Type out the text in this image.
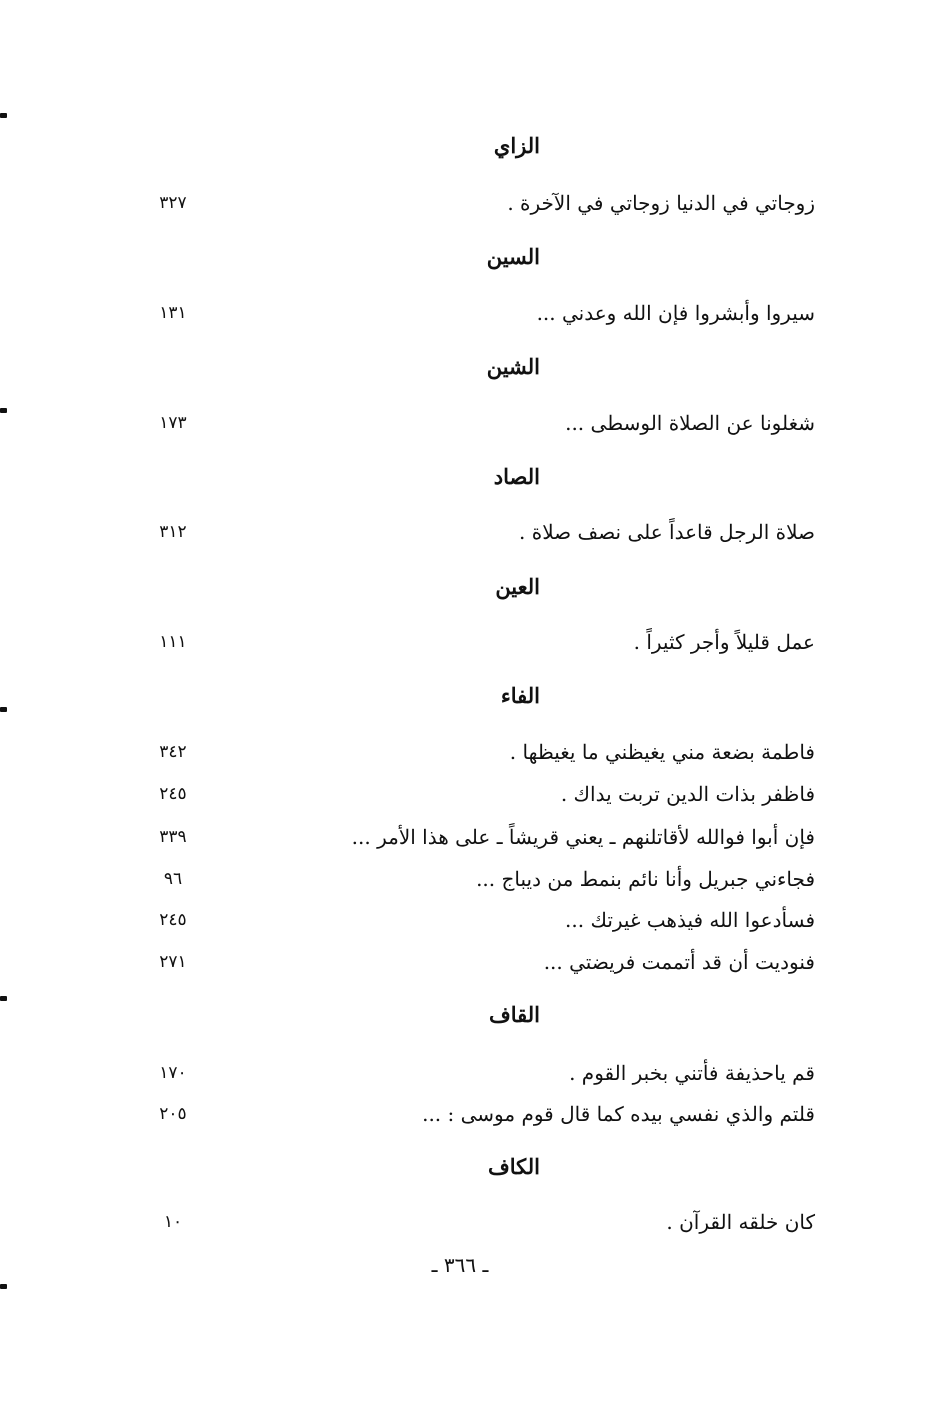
الزاي
زوجاتي في الدنيا زوجاتي في الآخرة .
٣٢٧
السين
سيروا وأبشروا فإن الله وعدني ...
١٣١
الشين
شغلونا عن الصلاة الوسطى ...
١٧٣
الصاد
صلاة الرجل قاعداً على نصف صلاة .
٣١٢
العين
عمل قليلاً وأجر كثيراً .
١١١
الفاء
فاطمة بضعة مني يغيظني ما يغيظها .
٣٤٢
فاظفر بذات الدين تربت يداك .
٢٤٥
فإن أبوا فوالله لأقاتلنهم ـ يعني قريشاً ـ على هذا الأمر ...
٣٣٩
فجاءني جبريل وأنا نائم بنمط من ديباج ...
٩٦
فسأدعوا الله فيذهب غيرتك ...
٢٤٥
فنوديت أن قد أتممت فريضتي ...
٢٧١
القاف
قم ياحذيفة فأتني بخبر القوم .
١٧٠
قلتم والذي نفسي بيده كما قال قوم موسى : ...
٢٠٥
الكاف
كان خلقه القرآن .
١٠
ـ ٣٦٦ ـ
